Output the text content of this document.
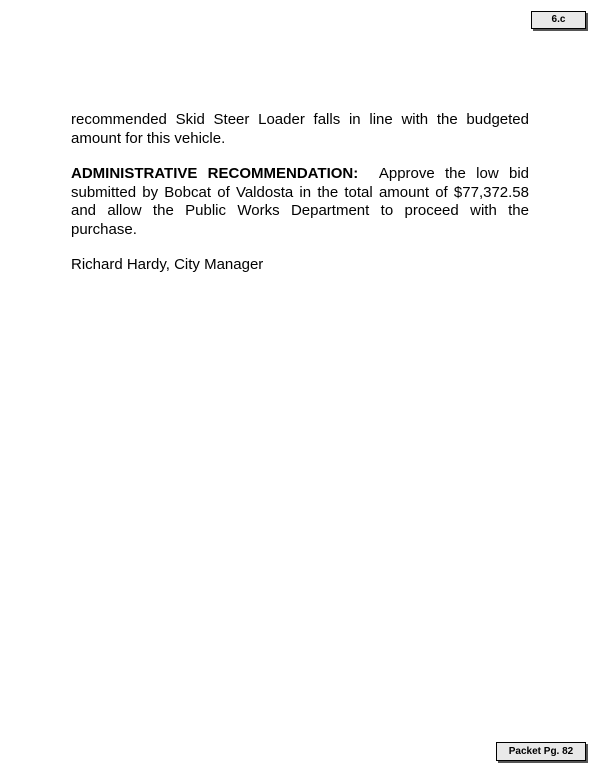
6.c

recommended Skid Steer Loader falls in line with the budgeted amount for this vehicle.

ADMINISTRATIVE RECOMMENDATION: Approve the low bid submitted by Bobcat of Valdosta in the total amount of $77,372.58 and allow the Public Works Department to proceed with the purchase.

Richard Hardy, City Manager

Packet Pg. 82
